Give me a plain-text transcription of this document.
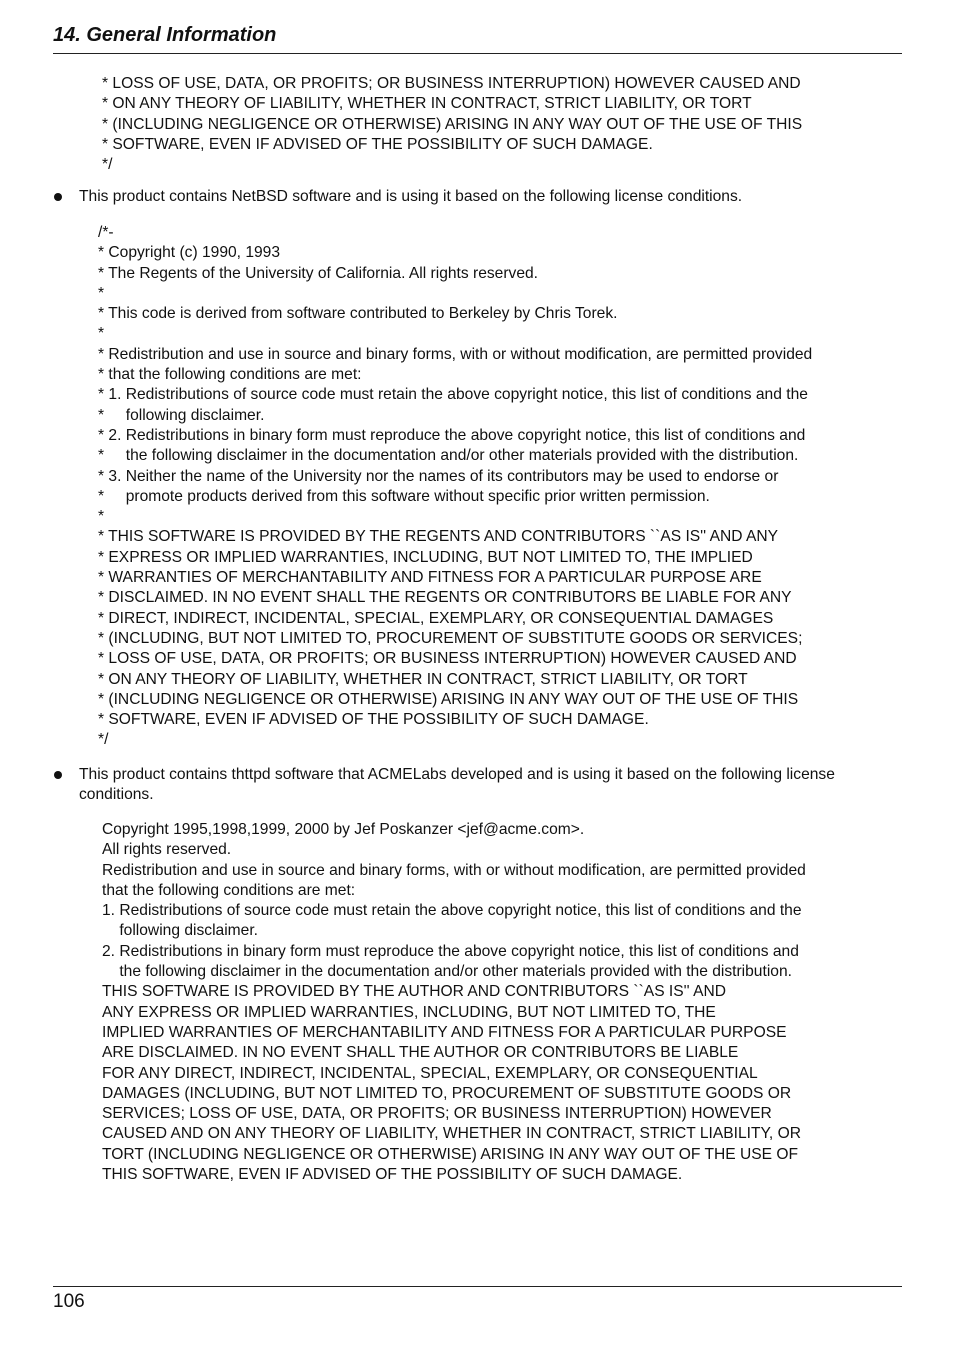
14. General Information
* LOSS OF USE, DATA, OR PROFITS; OR BUSINESS INTERRUPTION) HOWEVER CAUSED AND
* ON ANY THEORY OF LIABILITY, WHETHER IN CONTRACT, STRICT LIABILITY, OR TORT
* (INCLUDING NEGLIGENCE OR OTHERWISE) ARISING IN ANY WAY OUT OF THE USE OF THIS
* SOFTWARE, EVEN IF ADVISED OF THE POSSIBILITY OF SUCH DAMAGE.
*/
This product contains NetBSD software and is using it based on the following license conditions.
/*-
* Copyright (c) 1990, 1993
* The Regents of the University of California. All rights reserved.
*
* This code is derived from software contributed to Berkeley by Chris Torek.
*
* Redistribution and use in source and binary forms, with or without modification, are permitted provided
* that the following conditions are met:
* 1. Redistributions of source code must retain the above copyright notice, this list of conditions and the
*     following disclaimer.
* 2. Redistributions in binary form must reproduce the above copyright notice, this list of conditions and
*     the following disclaimer in the documentation and/or other materials provided with the distribution.
* 3. Neither the name of the University nor the names of its contributors may be used to endorse or
*     promote products derived from this software without specific prior written permission.
*
* THIS SOFTWARE IS PROVIDED BY THE REGENTS AND CONTRIBUTORS ``AS IS'' AND ANY
* EXPRESS OR IMPLIED WARRANTIES, INCLUDING, BUT NOT LIMITED TO, THE IMPLIED
* WARRANTIES OF MERCHANTABILITY AND FITNESS FOR A PARTICULAR PURPOSE ARE
* DISCLAIMED. IN NO EVENT SHALL THE REGENTS OR CONTRIBUTORS BE LIABLE FOR ANY
* DIRECT, INDIRECT, INCIDENTAL, SPECIAL, EXEMPLARY, OR CONSEQUENTIAL DAMAGES
* (INCLUDING, BUT NOT LIMITED TO, PROCUREMENT OF SUBSTITUTE GOODS OR SERVICES;
* LOSS OF USE, DATA, OR PROFITS; OR BUSINESS INTERRUPTION) HOWEVER CAUSED AND
* ON ANY THEORY OF LIABILITY, WHETHER IN CONTRACT, STRICT LIABILITY, OR TORT
* (INCLUDING NEGLIGENCE OR OTHERWISE) ARISING IN ANY WAY OUT OF THE USE OF THIS
* SOFTWARE, EVEN IF ADVISED OF THE POSSIBILITY OF SUCH DAMAGE.
*/
This product contains thttpd software that ACMELabs developed and is using it based on the following license
conditions.
Copyright 1995,1998,1999, 2000 by Jef Poskanzer <jef@acme.com>.
All rights reserved.
Redistribution and use in source and binary forms, with or without modification, are permitted provided
that the following conditions are met:
1. Redistributions of source code must retain the above copyright notice, this list of conditions and the
following disclaimer.
2. Redistributions in binary form must reproduce the above copyright notice, this list of conditions and
the following disclaimer in the documentation and/or other materials provided with the distribution.
THIS SOFTWARE IS PROVIDED BY THE AUTHOR AND CONTRIBUTORS ``AS IS'' AND
ANY EXPRESS OR IMPLIED WARRANTIES, INCLUDING, BUT NOT LIMITED TO, THE
IMPLIED WARRANTIES OF MERCHANTABILITY AND FITNESS FOR A PARTICULAR PURPOSE
ARE DISCLAIMED. IN NO EVENT SHALL THE AUTHOR OR CONTRIBUTORS BE LIABLE
FOR ANY DIRECT, INDIRECT, INCIDENTAL, SPECIAL, EXEMPLARY, OR CONSEQUENTIAL
DAMAGES (INCLUDING, BUT NOT LIMITED TO, PROCUREMENT OF SUBSTITUTE GOODS OR
SERVICES; LOSS OF USE, DATA, OR PROFITS; OR BUSINESS INTERRUPTION) HOWEVER
CAUSED AND ON ANY THEORY OF LIABILITY, WHETHER IN CONTRACT, STRICT LIABILITY, OR
TORT (INCLUDING NEGLIGENCE OR OTHERWISE) ARISING IN ANY WAY OUT OF THE USE OF
THIS SOFTWARE, EVEN IF ADVISED OF THE POSSIBILITY OF SUCH DAMAGE.
106
